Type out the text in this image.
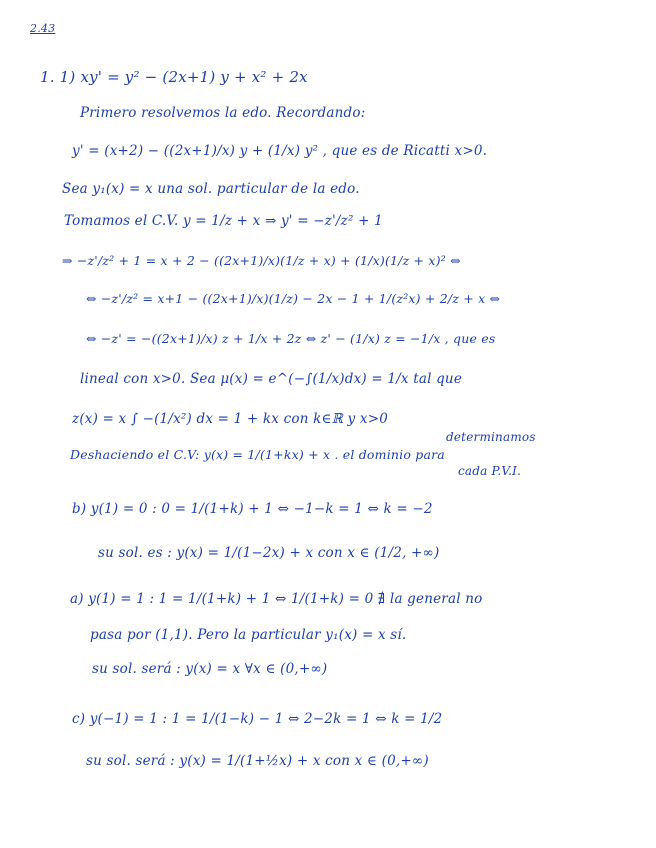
2.43
1. 1) xy' = y² − (2x+1) y + x² + 2x
Primero resolvemos la edo. Recordando:
y' = (x+2) − ((2x+1)/x) y + (1/x) y² , que es de Ricatti x>0.
Sea y₁(x) = x una sol. particular de la edo.
Tomamos el C.V. y = 1/z + x ⇒ y' = −z'/z² + 1
⇒ −z'/z² + 1 = x + 2 − ((2x+1)/x)(1/z + x) + (1/x)(1/z + x)² ⇔
⇔ −z'/z² = x+1 − ((2x+1)/x)(1/z) − 2x − 1 + 1/(z²x) + 2/z + x ⇔
⇔ −z' = −((2x+1)/x) z + 1/x + 2z ⇔ z' − (1/x) z = −1/x , que es
lineal con x>0. Sea μ(x) = e^(−∫(1/x)dx) = 1/x tal que
z(x) = x ∫ −(1/x²) dx = 1 + kx con k∈ℝ y x>0
determinamos
Deshaciendo el C.V: y(x) = 1/(1+kx) + x . el dominio para
cada P.V.I.
b) y(1) = 0 : 0 = 1/(1+k) + 1 ⇔ −1−k = 1 ⇔ k = −2
su sol. es : y(x) = 1/(1−2x) + x con x ∈ (1/2, +∞)
a) y(1) = 1 : 1 = 1/(1+k) + 1 ⇔ 1/(1+k) = 0 ∄ la general no
pasa por (1,1). Pero la particular y₁(x) = x sí.
su sol. será : y(x) = x ∀x ∈ (0,+∞)
c) y(−1) = 1 : 1 = 1/(1−k) − 1 ⇔ 2−2k = 1 ⇔ k = 1/2
su sol. será : y(x) = 1/(1+½x) + x con x ∈ (0,+∞)
